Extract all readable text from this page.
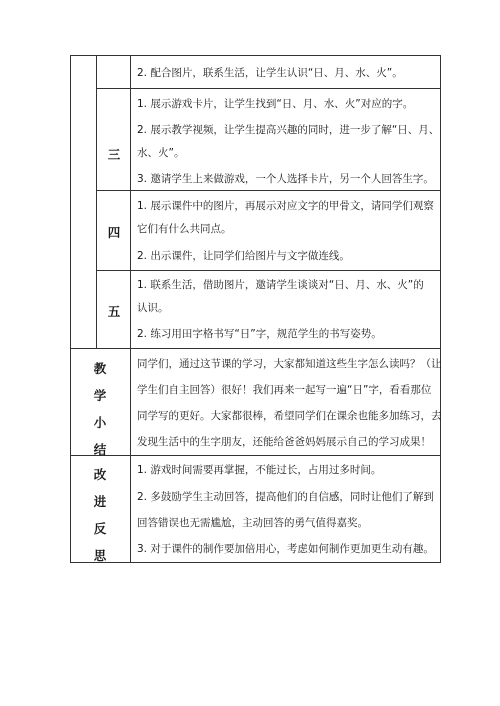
2. 配合图片，联系生活，让学生认识“日、月、水、火”。
三
1. 展示游戏卡片，让学生找到“日、月、水、火”对应的字。
2. 展示教学视频，让学生提高兴趣的同时，进一步了解“日、月、
水、火”。
3. 邀请学生上来做游戏，一个人选择卡片，另一个人回答生字。
四
1. 展示课件中的图片，再展示对应文字的甲骨文，请同学们观察
它们有什么共同点。
2. 出示课件，让同学们给图片与文字做连线。
五
1. 联系生活，借助图片，邀请学生谈谈对“日、月、水、火”的
认识。
2. 练习用田字格书写“日”字，规范学生的书写姿势。
教
学
小
结
同学们，通过这节课的学习，大家都知道这些生字怎么读吗？（让
学生们自主回答）很好！我们再来一起写一遍“日”字，看看那位
同学写的更好。大家都很棒，希望同学们在课余也能多加练习，去
发现生活中的生字朋友，还能给爸爸妈妈展示自己的学习成果！
改
进
反
思
1. 游戏时间需要再掌握，不能过长，占用过多时间。
2. 多鼓励学生主动回答，提高他们的自信感，同时让他们了解到
回答错误也无需尴尬，主动回答的勇气值得嘉奖。
3. 对于课件的制作要加倍用心，考虑如何制作更加更生动有趣。
